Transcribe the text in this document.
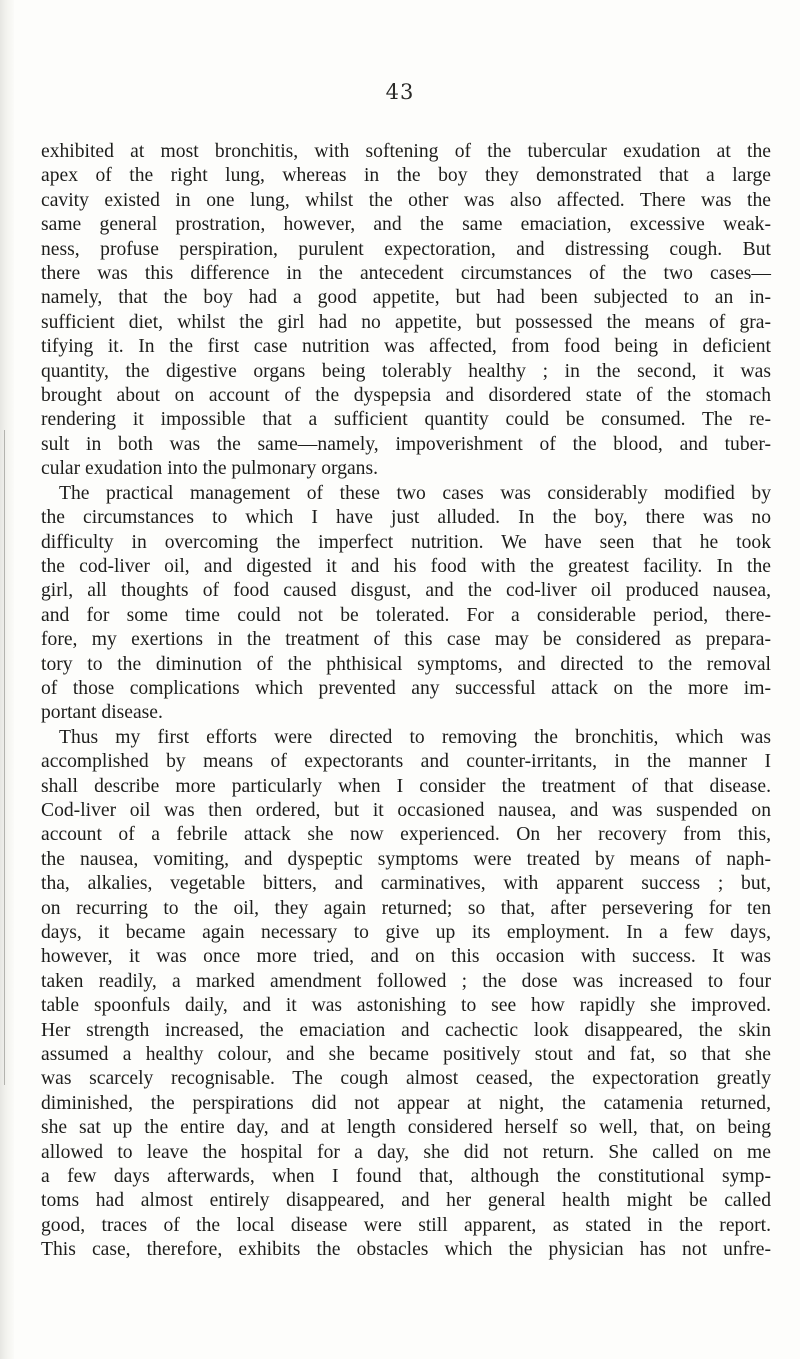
43
exhibited at most bronchitis, with softening of the tubercular exudation at the
apex of the right lung, whereas in the boy they demonstrated that a large
cavity existed in one lung, whilst the other was also affected. There was the
same general prostration, however, and the same emaciation, excessive weak-
ness, profuse perspiration, purulent expectoration, and distressing cough. But
there was this difference in the antecedent circumstances of the two cases—
namely, that the boy had a good appetite, but had been subjected to an in-
sufficient diet, whilst the girl had no appetite, but possessed the means of gra-
tifying it. In the first case nutrition was affected, from food being in deficient
quantity, the digestive organs being tolerably healthy ; in the second, it was
brought about on account of the dyspepsia and disordered state of the stomach
rendering it impossible that a sufficient quantity could be consumed. The re-
sult in both was the same—namely, impoverishment of the blood, and tuber-
cular exudation into the pulmonary organs.
The practical management of these two cases was considerably modified by
the circumstances to which I have just alluded. In the boy, there was no
difficulty in overcoming the imperfect nutrition. We have seen that he took
the cod-liver oil, and digested it and his food with the greatest facility. In the
girl, all thoughts of food caused disgust, and the cod-liver oil produced nausea,
and for some time could not be tolerated. For a considerable period, there-
fore, my exertions in the treatment of this case may be considered as prepara-
tory to the diminution of the phthisical symptoms, and directed to the removal
of those complications which prevented any successful attack on the more im-
portant disease.
Thus my first efforts were directed to removing the bronchitis, which was
accomplished by means of expectorants and counter-irritants, in the manner I
shall describe more particularly when I consider the treatment of that disease.
Cod-liver oil was then ordered, but it occasioned nausea, and was suspended on
account of a febrile attack she now experienced. On her recovery from this,
the nausea, vomiting, and dyspeptic symptoms were treated by means of naph-
tha, alkalies, vegetable bitters, and carminatives, with apparent success ; but,
on recurring to the oil, they again returned; so that, after persevering for ten
days, it became again necessary to give up its employment. In a few days,
however, it was once more tried, and on this occasion with success. It was
taken readily, a marked amendment followed ; the dose was increased to four
table spoonfuls daily, and it was astonishing to see how rapidly she improved.
Her strength increased, the emaciation and cachectic look disappeared, the skin
assumed a healthy colour, and she became positively stout and fat, so that she
was scarcely recognisable. The cough almost ceased, the expectoration greatly
diminished, the perspirations did not appear at night, the catamenia returned,
she sat up the entire day, and at length considered herself so well, that, on being
allowed to leave the hospital for a day, she did not return. She called on me
a few days afterwards, when I found that, although the constitutional symp-
toms had almost entirely disappeared, and her general health might be called
good, traces of the local disease were still apparent, as stated in the report.
This case, therefore, exhibits the obstacles which the physician has not unfre-
